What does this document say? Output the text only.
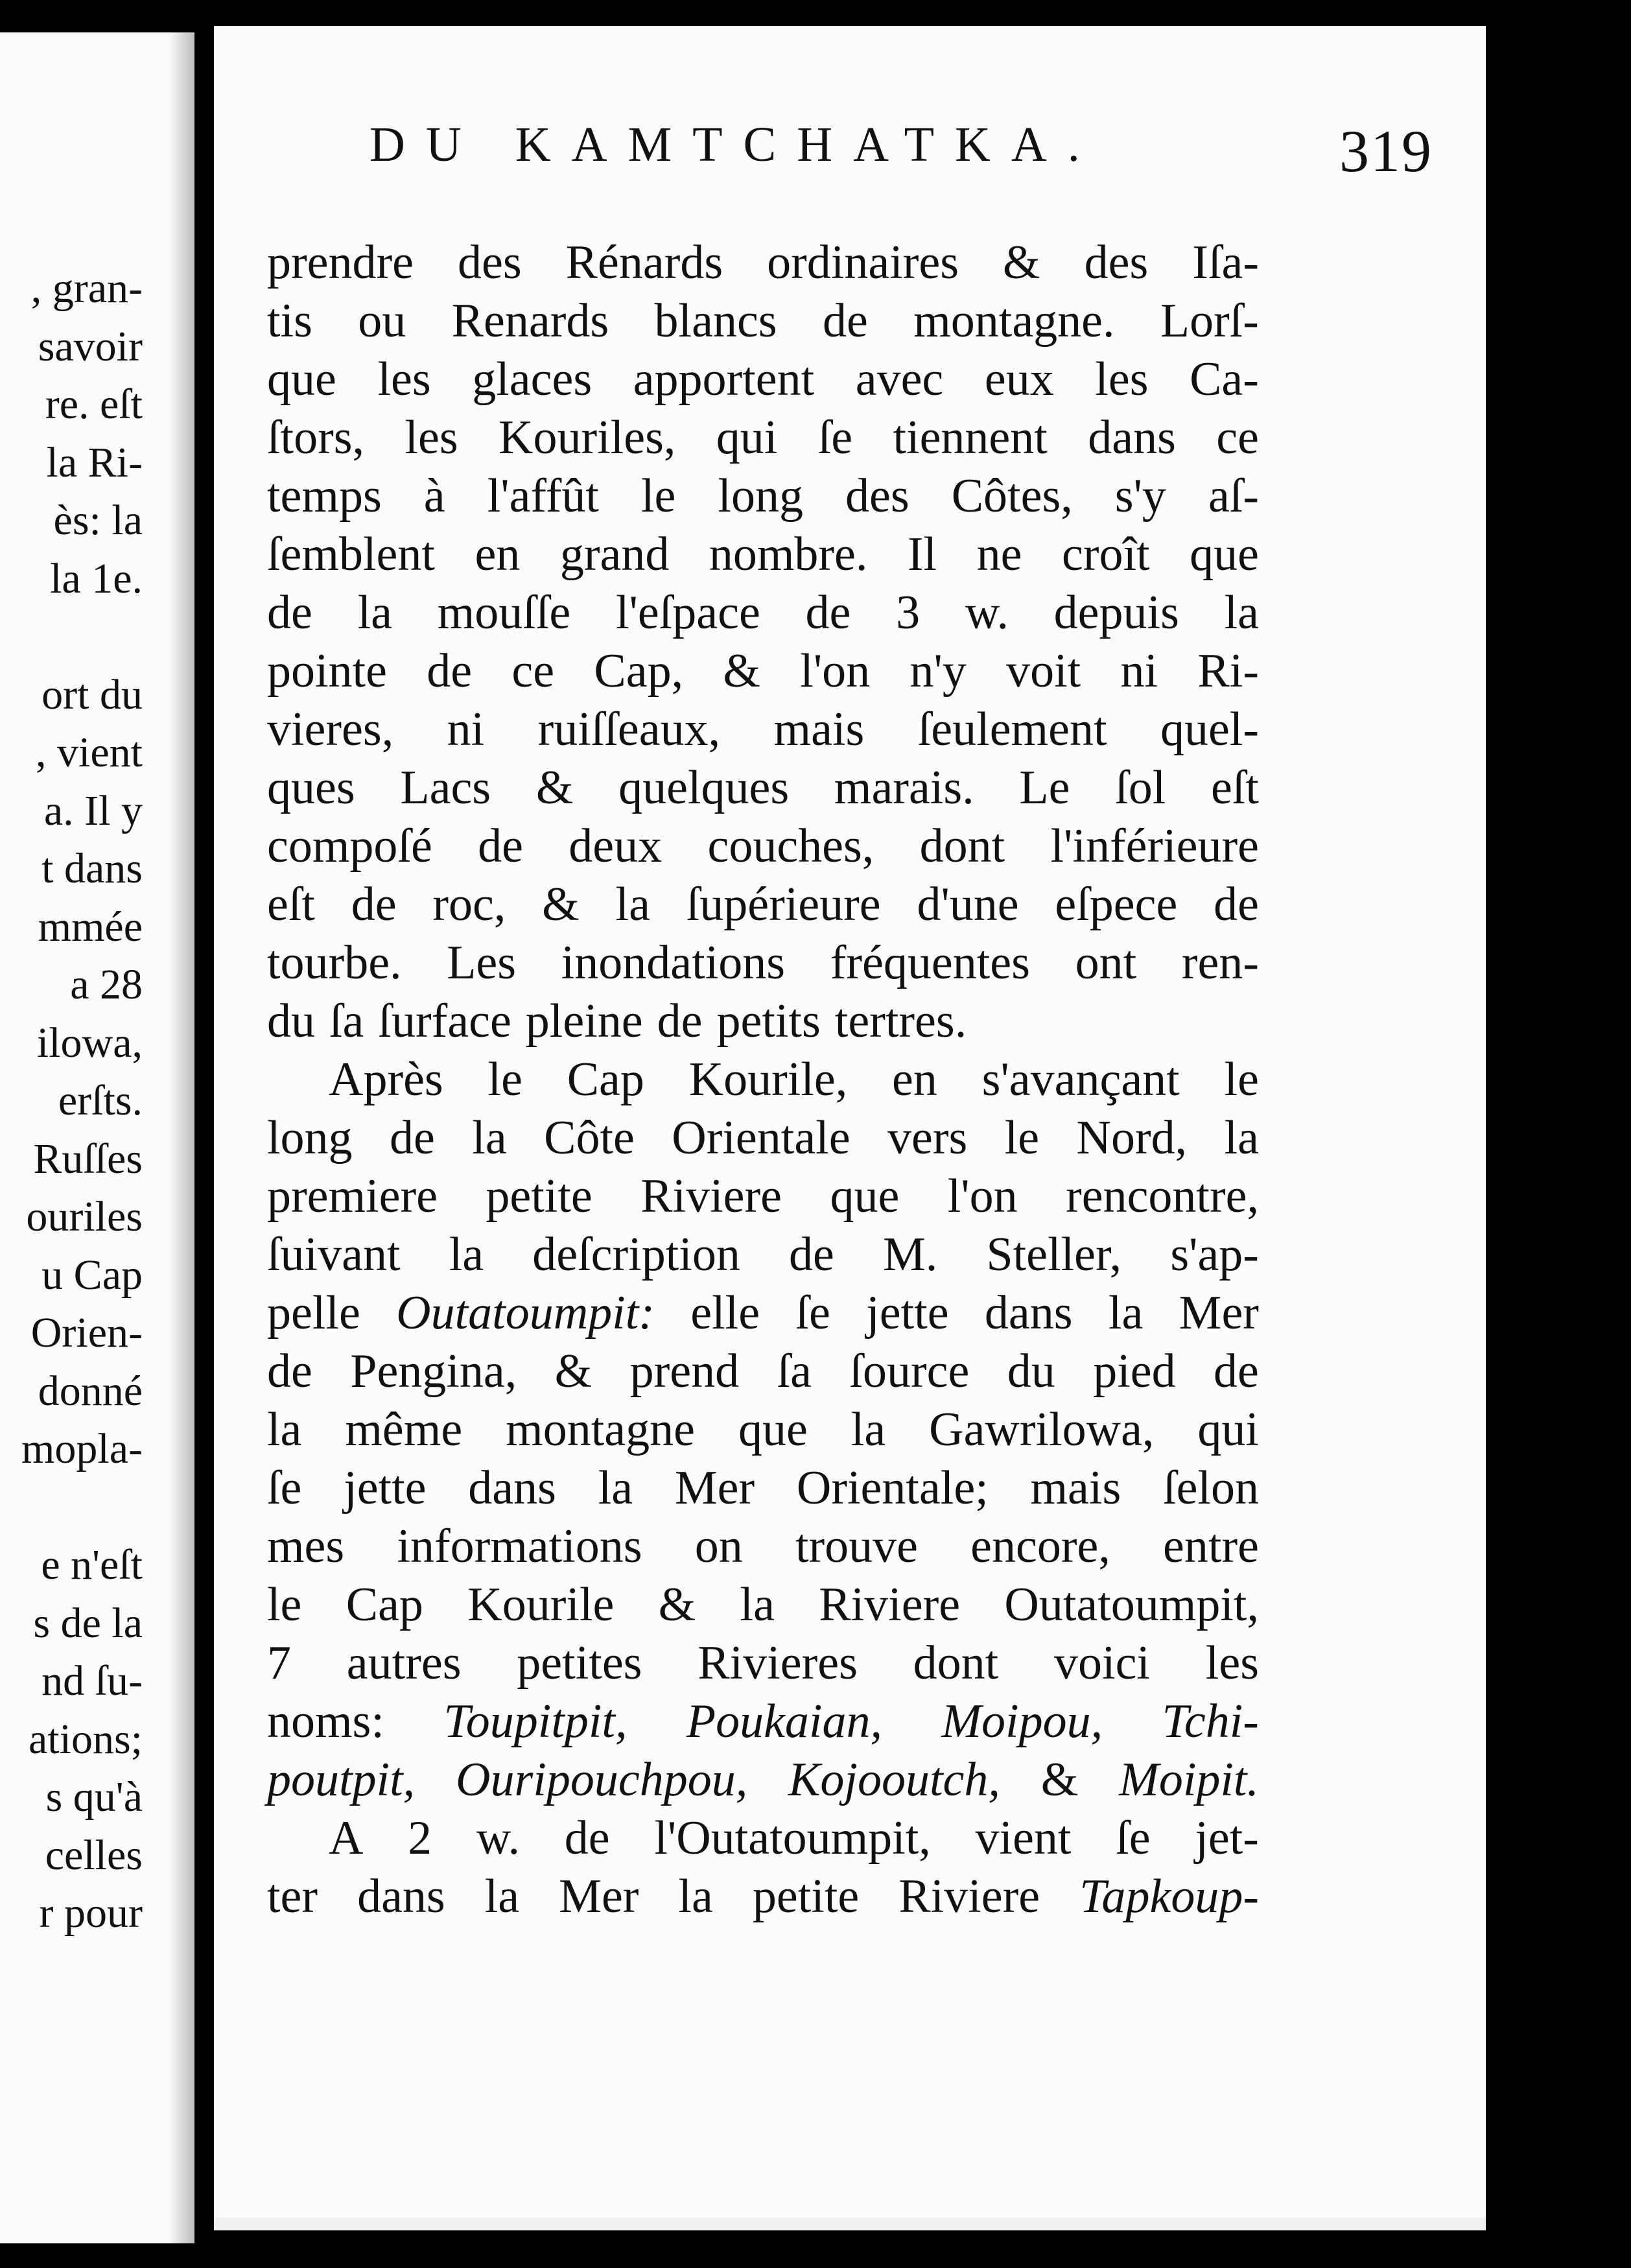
, gran-
savoir
re. eſt
la Ri-
ès: la
la 1e.

ort du
, vient
a. Il y
t dans
mmée
a 28
ilowa,
erſts.
Ruſſes
ouriles
u Cap
Orien-
donné
mopla-

e n'eſt
s de la
nd ſu-
ations;
s qu'à
celles
r pour
DU KAMTCHATKA.	319
prendre des Rénards ordinaires & des Iſa-
tis ou Renards blancs de montagne. Lorſ-
que les glaces apportent avec eux les Ca-
ſtors, les Kouriles, qui ſe tiennent dans ce
temps à l'affût le long des Côtes, s'y aſ-
ſemblent en grand nombre. Il ne croît que
de la mouſſe l'eſpace de 3 w. depuis la
pointe de ce Cap, & l'on n'y voit ni Ri-
vieres, ni ruiſſeaux, mais ſeulement quel-
ques Lacs & quelques marais. Le ſol eſt
compoſé de deux couches, dont l'inférieure
eſt de roc, & la ſupérieure d'une eſpece de
tourbe. Les inondations fréquentes ont ren-
du ſa ſurface pleine de petits tertres.
Après le Cap Kourile, en s'avançant le
long de la Côte Orientale vers le Nord, la
premiere petite Riviere que l'on rencontre,
ſuivant la deſcription de M. Steller, s'ap-
pelle Outatoumpit: elle ſe jette dans la Mer
de Pengina, & prend ſa ſource du pied de
la même montagne que la Gawrilowa, qui
ſe jette dans la Mer Orientale; mais ſelon
mes informations on trouve encore, entre
le Cap Kourile & la Riviere Outatoumpit,
7 autres petites Rivieres dont voici les
noms: Toupitpit, Poukaian, Moipou, Tchi-
poutpit, Ouripouchpou, Kojooutch, & Moipit.
A 2 w. de l'Outatoumpit, vient ſe jet-
ter dans la Mer la petite Riviere Tapkoup-
